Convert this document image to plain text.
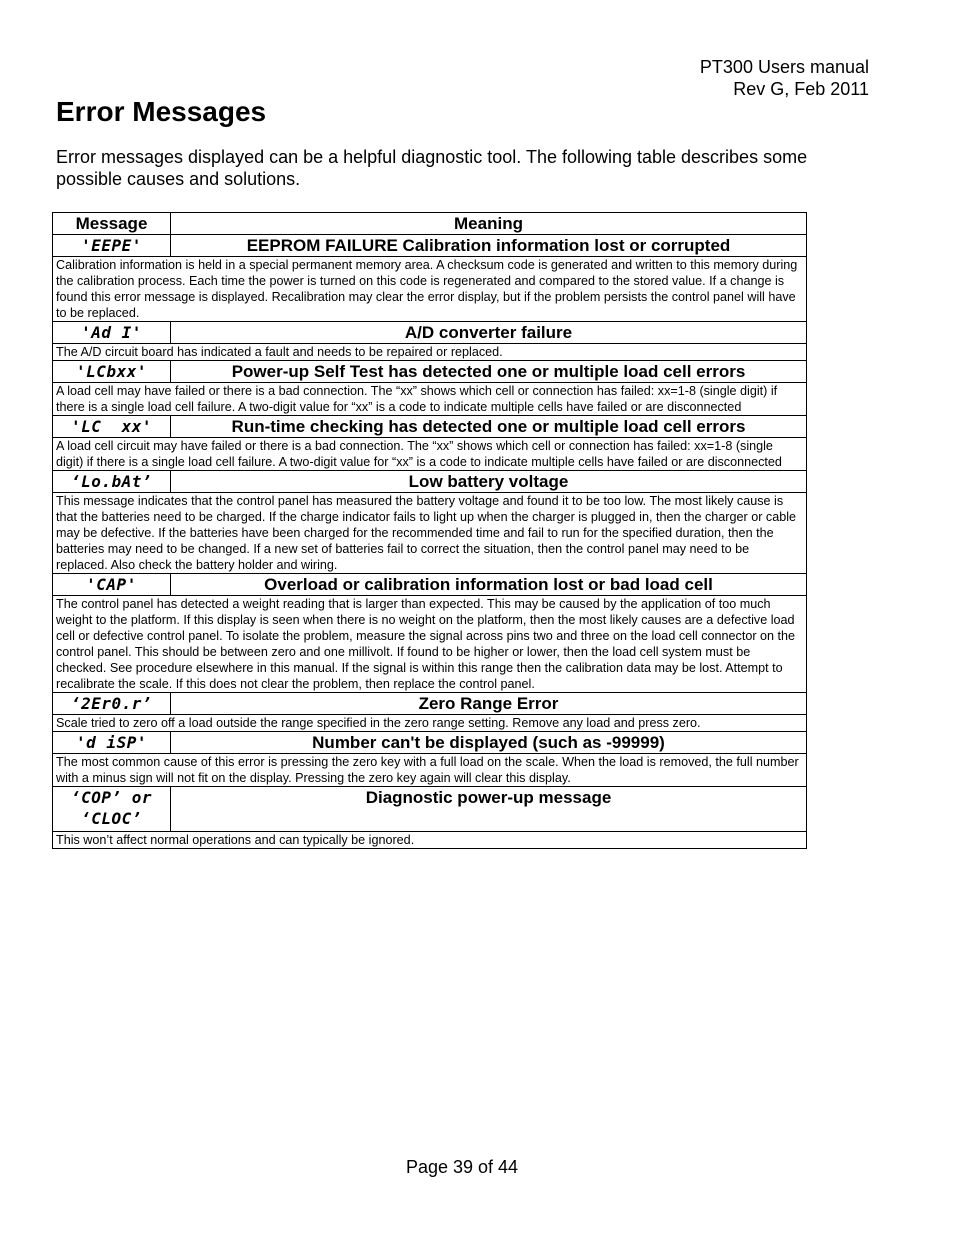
PT300 Users manual
Rev G, Feb 2011
Error Messages

Error messages displayed can be a helpful diagnostic tool. The following table describes some possible causes and solutions.

Message	Meaning
'EEPE'	EEPROM FAILURE Calibration information lost or corrupted
Calibration information is held in a special permanent memory area. A checksum code is generated and written to this memory during the calibration process. Each time the power is turned on this code is regenerated and compared to the stored value. If a change is found this error message is displayed. Recalibration may clear the error display, but if the problem persists the control panel will have to be replaced.	
'Ad I'	A/D converter failure
The A/D circuit board has indicated a fault and needs to be repaired or replaced.	
'LCbxx'	Power-up Self Test has detected one or multiple load cell errors
A load cell may have failed or there is a bad connection. The “xx” shows which cell or connection has failed: xx=1-8 (single digit) if there is a single load cell failure. A two-digit value for “xx” is a code to indicate multiple cells have failed or are disconnected	
'LC  xx'	Run-time checking has detected one or multiple load cell errors
A load cell circuit may have failed or there is a bad connection. The “xx” shows which cell or connection has failed: xx=1-8 (single digit) if there is a single load cell failure. A two-digit value for “xx” is a code to indicate multiple cells have failed or are disconnected	
‘Lo.bAt’	Low battery voltage
This message indicates that the control panel has measured the battery voltage and found it to be too low. The most likely cause is that the batteries need to be charged. If the charge indicator fails to light up when the charger is plugged in, then the charger or cable may be defective. If the batteries have been charged for the recommended time and fail to run for the specified duration, then the batteries may need to be changed. If a new set of batteries fail to correct the situation, then the control panel may need to be replaced. Also check the battery holder and wiring.	
'CAP'	Overload or calibration information lost or bad load cell
The control panel has detected a weight reading that is larger than expected. This may be caused by the application of too much weight to the platform. If this display is seen when there is no weight on the platform, then the most likely causes are a defective load cell or defective control panel. To isolate the problem, measure the signal across pins two and three on the load cell connector on the control panel. This should be between zero and one millivolt. If found to be higher or lower, then the load cell system must be checked. See procedure elsewhere in this manual. If the signal is within this range then the calibration data may be lost. Attempt to recalibrate the scale. If this does not clear the problem, then replace the control panel.	
‘2Er0.r’	Zero Range Error
Scale tried to zero off a load outside the range specified in the zero range setting. Remove any load and press zero.	
'd iSP'	Number can't be displayed (such as -99999)
The most common cause of this error is pressing the zero key with a full load on the scale. When the load is removed, the full number with a minus sign will not fit on the display. Pressing the zero key again will clear this display.	

‘COP’ or
‘CLOC’	Diagnostic power-up message
This won’t affect normal operations and can typically be ignored.	
Page 39 of 44
